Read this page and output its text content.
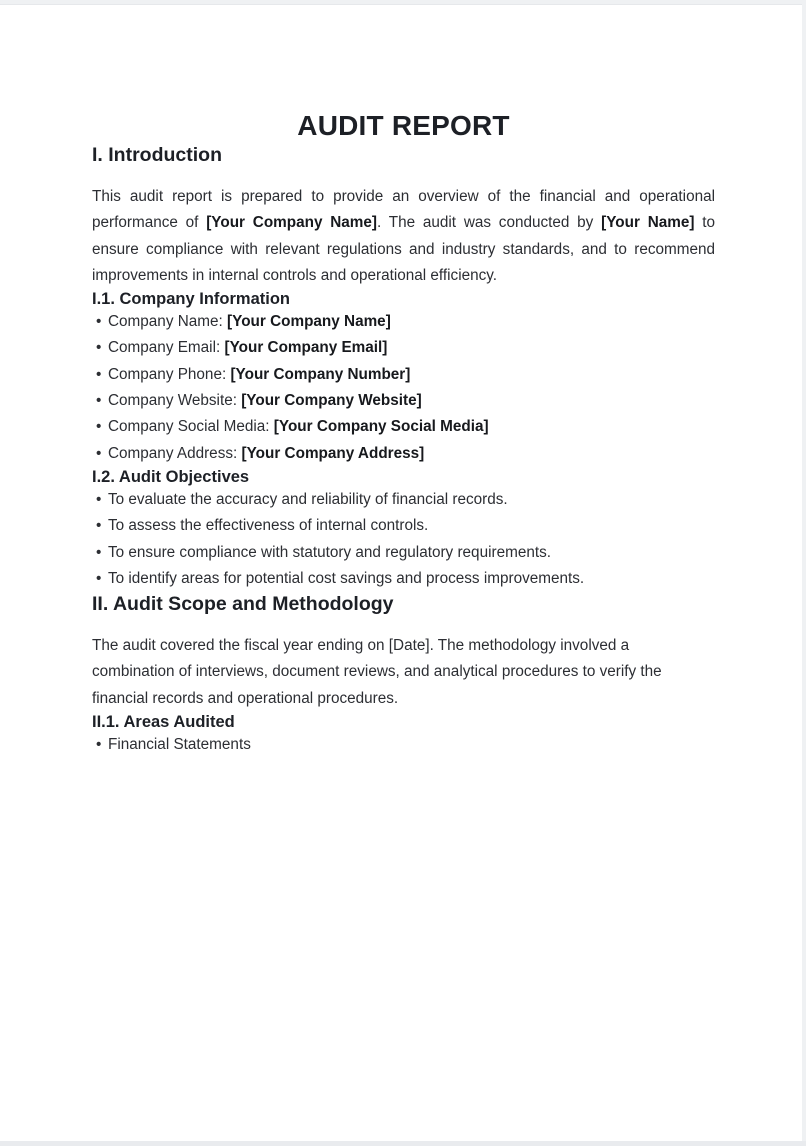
AUDIT REPORT
I. Introduction

This audit report is prepared to provide an overview of the financial and operational performance of [Your Company Name]. The audit was conducted by [Your Name] to ensure compliance with relevant regulations and industry standards, and to recommend improvements in internal controls and operational efficiency.

I.1. Company Information
• Company Name: [Your Company Name]
• Company Email: [Your Company Email]
• Company Phone: [Your Company Number]
• Company Website: [Your Company Website]
• Company Social Media: [Your Company Social Media]
• Company Address: [Your Company Address]
I.2. Audit Objectives
• To evaluate the accuracy and reliability of financial records.
• To assess the effectiveness of internal controls.
• To ensure compliance with statutory and regulatory requirements.
• To identify areas for potential cost savings and process improvements.
II. Audit Scope and Methodology

The audit covered the fiscal year ending on [Date]. The methodology involved a combination of interviews, document reviews, and analytical procedures to verify the financial records and operational procedures.

II.1. Areas Audited
• Financial Statements
